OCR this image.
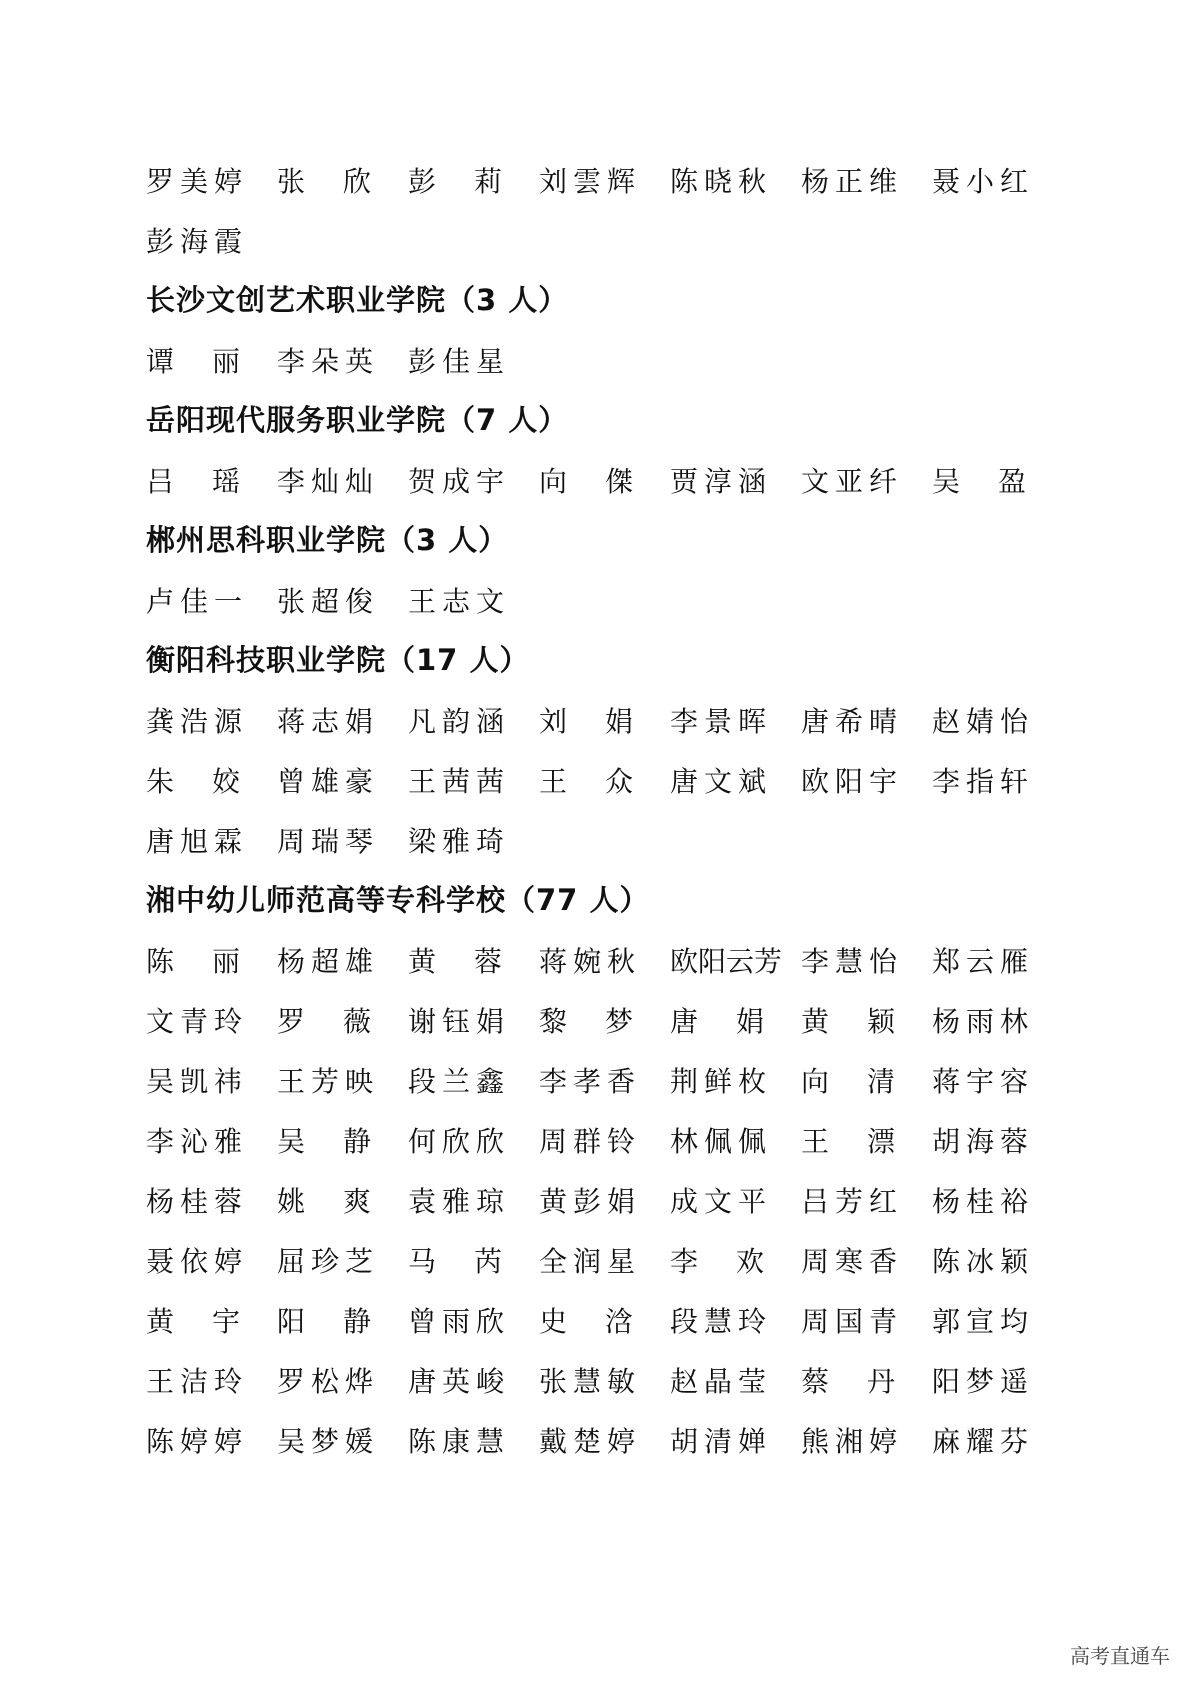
罗 美 婷 张 欣 彭 莉 刘 雲 辉 陈 晓 秋 杨 正 维 聂 小 红
彭 海 霞
长沙文创艺术职业学院（3 人）
谭 丽 李 朵 英 彭 佳 星
岳阳现代服务职业学院（7 人）
吕 瑶 李 灿 灿 贺 成 宇 向 傑 贾 淳 涵 文 亚 纤 吴 盈
郴州思科职业学院（3 人）
卢 佳 一 张 超 俊 王 志 文
衡阳科技职业学院（17 人）
龚 浩 源 蒋 志 娟 凡 韵 涵 刘 娟 李 景 晖 唐 希 晴 赵 婧 怡
朱 姣 曾 雄 豪 王 茜 茜 王 众 唐 文 斌 欧 阳 宇 李 指 轩
唐 旭 霖 周 瑞 琴 梁 雅 琦
湘中幼儿师范高等专科学校（77 人）
陈 丽 杨 超 雄 黄 蓉 蒋 婉 秋 欧 阳 云 芳 李 慧 怡 郑 云 雁
文 青 玲 罗 薇 谢 钰 娟 黎 梦 唐 娟 黄 颖 杨 雨 林
吴 凯 祎 王 芳 映 段 兰 鑫 李 孝 香 荆 鲜 枚 向 清 蒋 宇 容
李 沁 雅 吴 静 何 欣 欣 周 群 铃 林 佩 佩 王 漂 胡 海 蓉
杨 桂 蓉 姚 爽 袁 雅 琼 黄 彭 娟 成 文 平 吕 芳 红 杨 桂 裕
聂 依 婷 屈 珍 芝 马 芮 全 润 星 李 欢 周 寒 香 陈 冰 颖
黄 宇 阳 静 曾 雨 欣 史 浛 段 慧 玲 周 国 青 郭 宣 均
王 洁 玲 罗 松 烨 唐 英 峻 张 慧 敏 赵 晶 莹 蔡 丹 阳 梦 遥
陈 婷 婷 吴 梦 媛 陈 康 慧 戴 楚 婷 胡 清 婵 熊 湘 婷 麻 耀 芬
高考直通车
